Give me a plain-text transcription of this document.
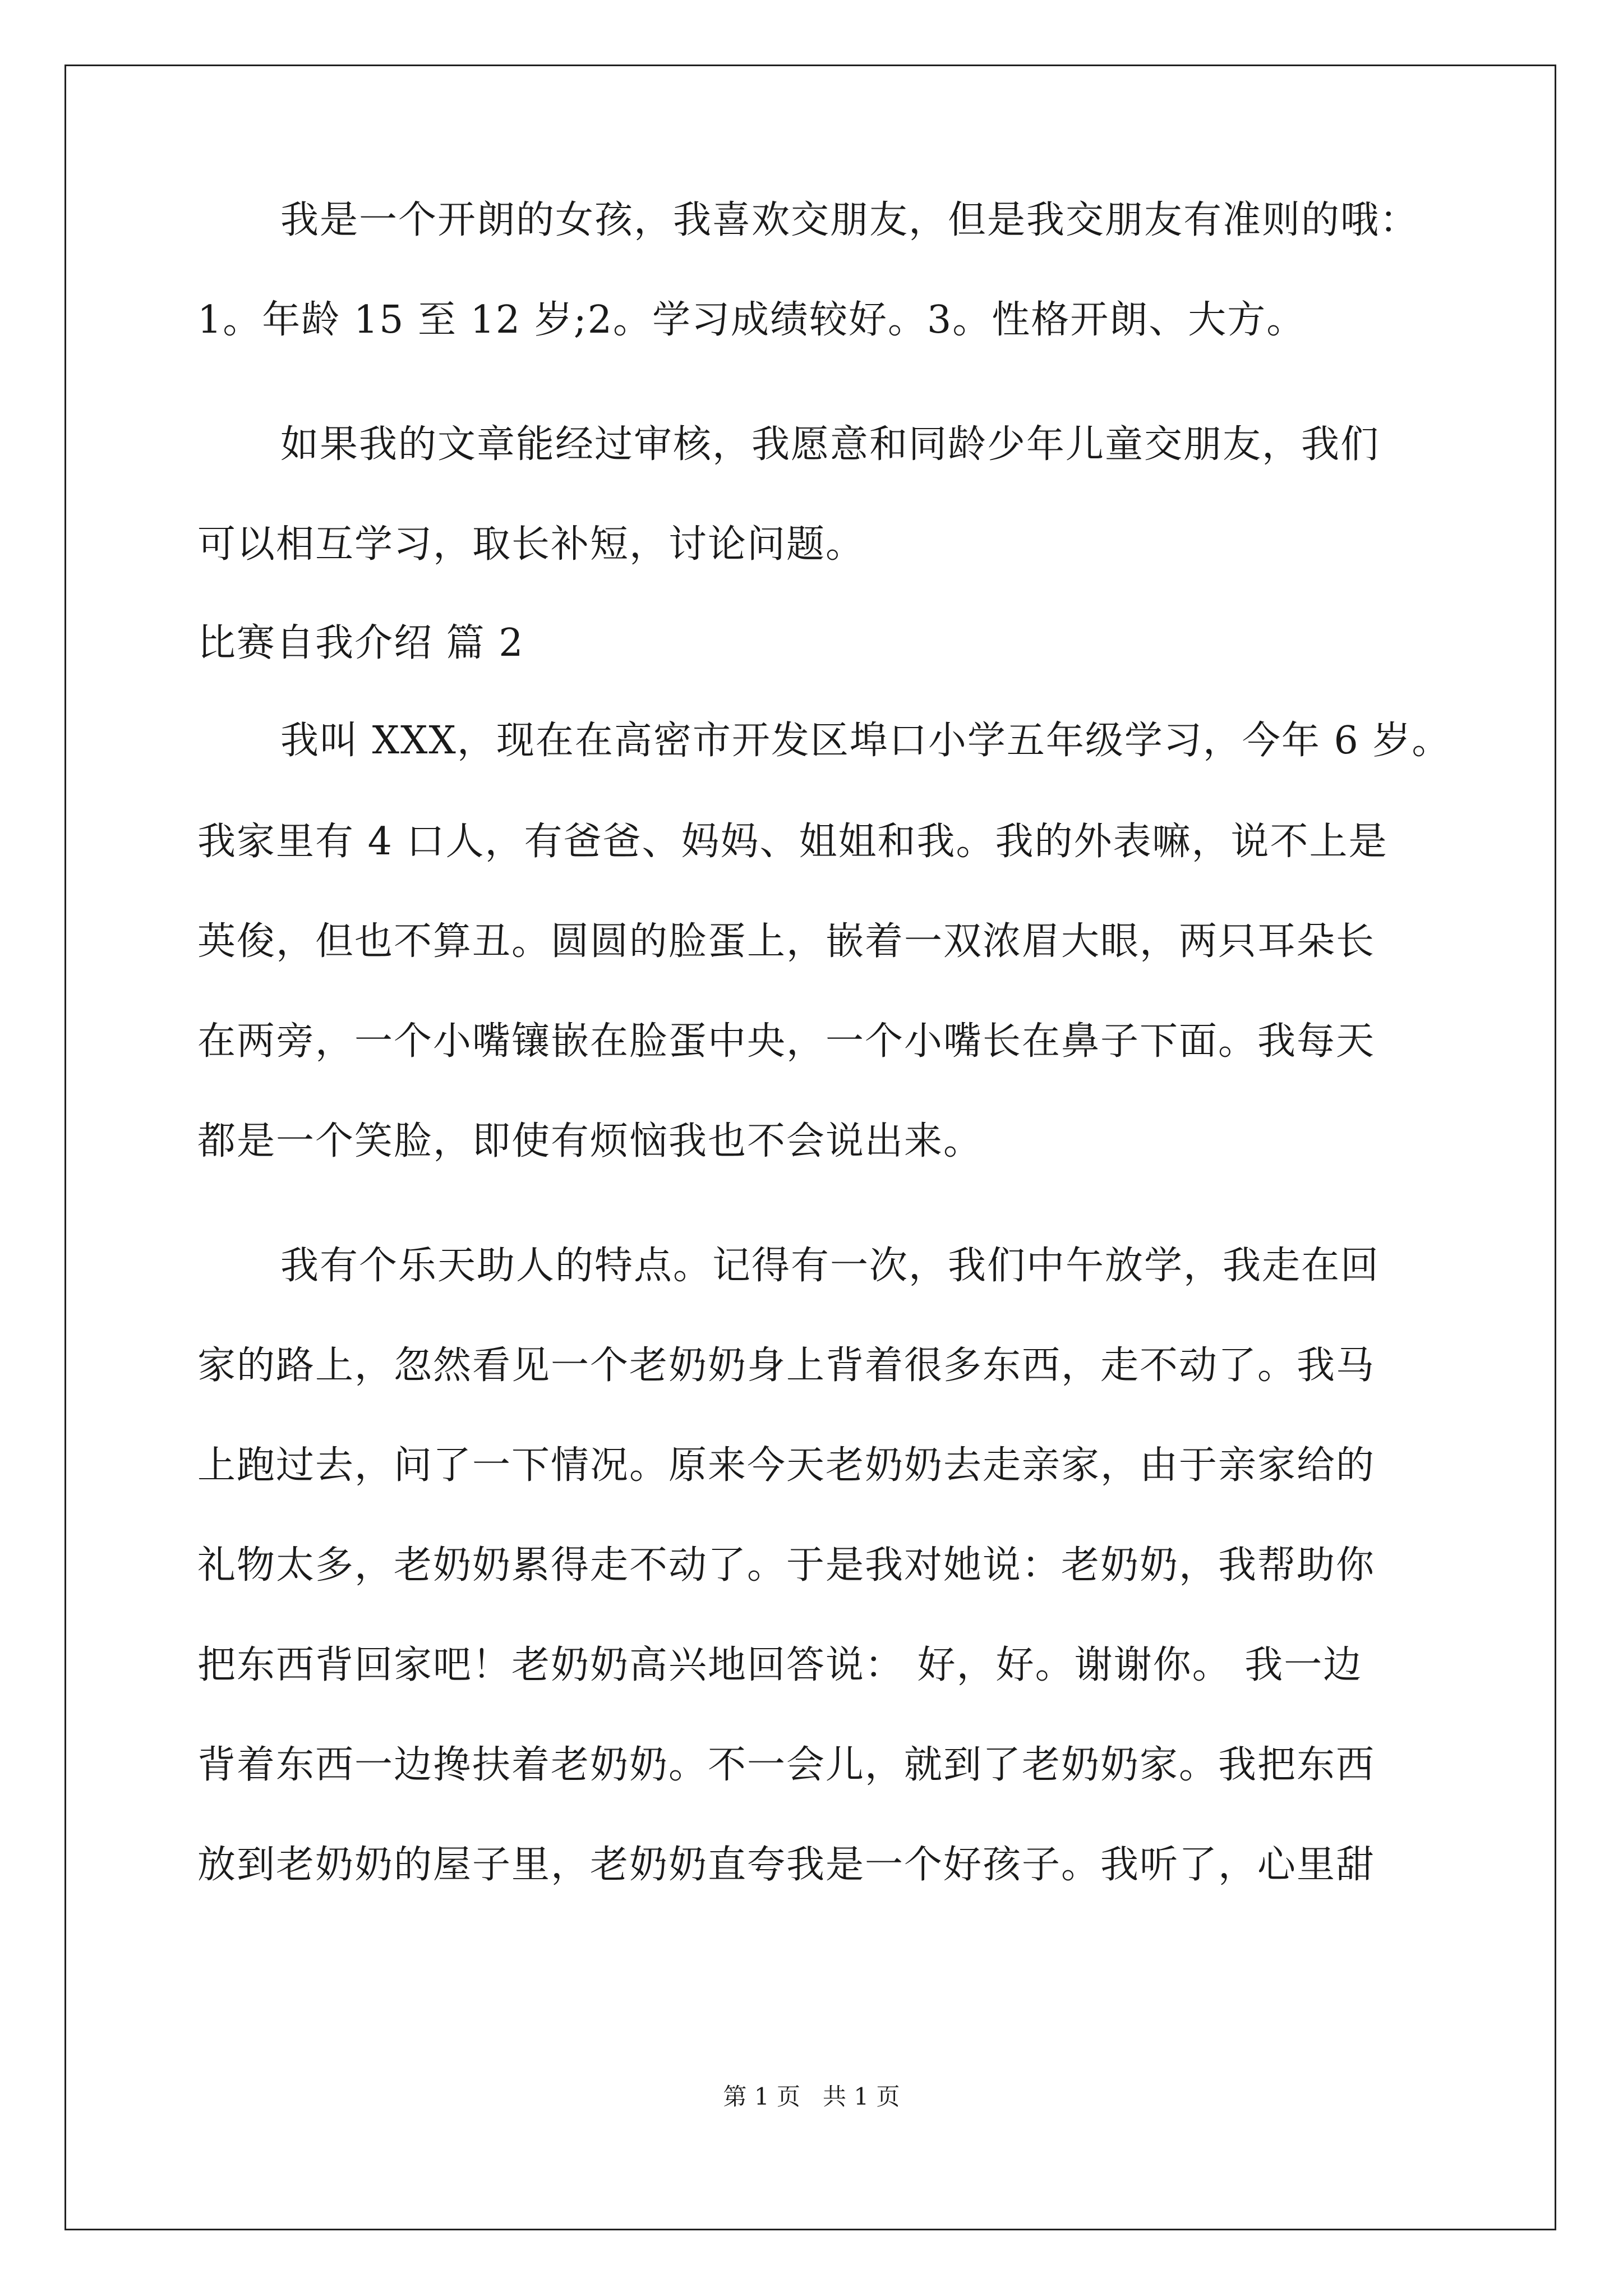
我是一个开朗的女孩，我喜欢交朋友，但是我交朋友有准则的哦：
1。年龄 15 至 12 岁;2。学习成绩较好。3。性格开朗、大方。
如果我的文章能经过审核，我愿意和同龄少年儿童交朋友，我们
可以相互学习，取长补短，讨论问题。
比赛自我介绍 篇 2
我叫 XXX，现在在高密市开发区埠口小学五年级学习，今年 6 岁。
我家里有 4 口人，有爸爸、妈妈、姐姐和我。我的外表嘛，说不上是
英俊，但也不算丑。圆圆的脸蛋上，嵌着一双浓眉大眼，两只耳朵长
在两旁，一个小嘴镶嵌在脸蛋中央，一个小嘴长在鼻子下面。我每天
都是一个笑脸，即使有烦恼我也不会说出来。
我有个乐天助人的特点。记得有一次，我们中午放学，我走在回
家的路上，忽然看见一个老奶奶身上背着很多东西，走不动了。我马
上跑过去，问了一下情况。原来今天老奶奶去走亲家，由于亲家给的
礼物太多，老奶奶累得走不动了。于是我对她说：老奶奶，我帮助你
把东西背回家吧！老奶奶高兴地回答说： 好，好。谢谢你。 我一边
背着东西一边搀扶着老奶奶。不一会儿，就到了老奶奶家。我把东西
放到老奶奶的屋子里，老奶奶直夸我是一个好孩子。我听了，心里甜
第 1 页   共 1 页
